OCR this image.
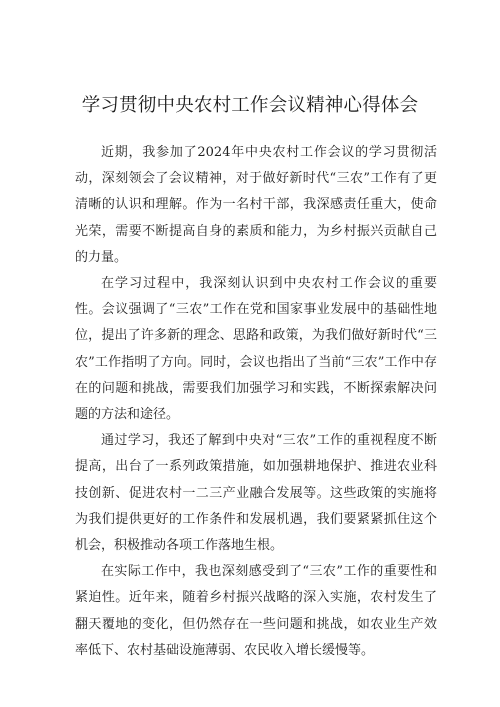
学习贯彻中央农村工作会议精神心得体会

近期，我参加了2024年中央农村工作会议的学习贯彻活动，深刻领会了会议精神，对于做好新时代“三农”工作有了更清晰的认识和理解。作为一名村干部，我深感责任重大，使命光荣，需要不断提高自身的素质和能力，为乡村振兴贡献自己的力量。

在学习过程中，我深刻认识到中央农村工作会议的重要性。会议强调了“三农”工作在党和国家事业发展中的基础性地位，提出了许多新的理念、思路和政策，为我们做好新时代“三农”工作指明了方向。同时，会议也指出了当前“三农”工作中存在的问题和挑战，需要我们加强学习和实践，不断探索解决问题的方法和途径。

通过学习，我还了解到中央对“三农”工作的重视程度不断提高，出台了一系列政策措施，如加强耕地保护、推进农业科技创新、促进农村一二三产业融合发展等。这些政策的实施将为我们提供更好的工作条件和发展机遇，我们要紧紧抓住这个机会，积极推动各项工作落地生根。

在实际工作中，我也深刻感受到了“三农”工作的重要性和紧迫性。近年来，随着乡村振兴战略的深入实施，农村发生了翻天覆地的变化，但仍然存在一些问题和挑战，如农业生产效率低下、农村基础设施薄弱、农民收入增长缓慢等。
